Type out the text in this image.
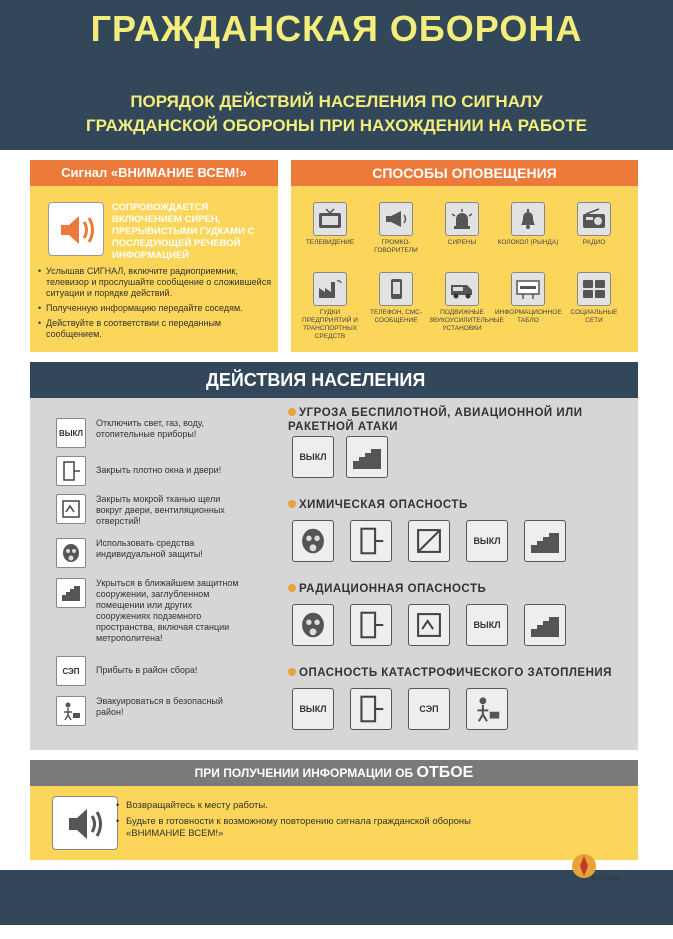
ГРАЖДАНСКАЯ ОБОРОНА
ПОРЯДОК ДЕЙСТВИЙ НАСЕЛЕНИЯ ПО СИГНАЛУ
ГРАЖДАНСКОЙ ОБОРОНЫ ПРИ НАХОЖДЕНИИ НА РАБОТЕ
Сигнал «ВНИМАНИЕ ВСЕМ!»
СОПРОВОЖДАЕТСЯ ВКЛЮЧЕНИЕМ СИРЕН, ПРЕРЫВИСТЫМИ ГУДКАМИ С ПОСЛЕДУЮЩЕЙ РЕЧЕВОЙ ИНФОРМАЦИЕЙ
• Услышав СИГНАЛ, включите радиоприемник, телевизор и прослушайте сообщение о сложившейся ситуации и порядке действий.
• Полученную информацию передайте соседям.
• Действуйте в соответствии с переданным сообщением.
СПОСОБЫ ОПОВЕЩЕНИЯ
ТЕЛЕВИДЕНИЕ	ГРОМКО-ГОВОРИТЕЛИ
СИРЕНЫ	КОЛОКОЛ (РЫНДА)	РАДИО
ГУДКИ ПРЕДПРИЯТИЙ И ТРАНСПОРТНЫХ СРЕДСТВ
ТЕЛЕФОН, СМС-СООБЩЕНИЕ
ПОДВИЖНЫЕ ЗВУКОУСИЛИТЕЛЬНЫЕ УСТАНОВКИ
ИНФОРМАЦИОННОЕ ТАБЛО
СОЦИАЛЬНЫЕ СЕТИ
ДЕЙСТВИЯ НАСЕЛЕНИЯ
ВЫКЛ
Отключить свет, газ, воду, отопительные приборы!
Закрыть плотно окна и двери!
Закрыть мокрой тканью щели вокруг двери, вентиляционных отверстий!
Использовать средства индивидуальной защиты!
Укрыться в ближайшем защитном сооружении, заглубленном помещении или других сооружениях подземного пространства, включая станции метрополитена!
СЭП Прибыть в район сбора!
Эвакуироваться в безопасный район!
УГРОЗА БЕСПИЛОТНОЙ, АВИАЦИОННОЙ ИЛИ РАКЕТНОЙ АТАКИ
ВЫКЛ
ХИМИЧЕСКАЯ ОПАСНОСТЬ
ВЫКЛ
РАДИАЦИОННАЯ ОПАСНОСТЬ
ВЫКЛ
ОПАСНОСТЬ КАТАСТРОФИЧЕСКОГО ЗАТОПЛЕНИЯ
ВЫКЛ	СЭП
ПРИ ПОЛУЧЕНИИ ИНФОРМАЦИИ ОБ ОТБОЕ
• Возвращайтесь к месту работы.
• Будьте в готовности к возможному повторению сигнала гражданской обороны «ВНИМАНИЕ ВСЕМ!»
МЧС России
